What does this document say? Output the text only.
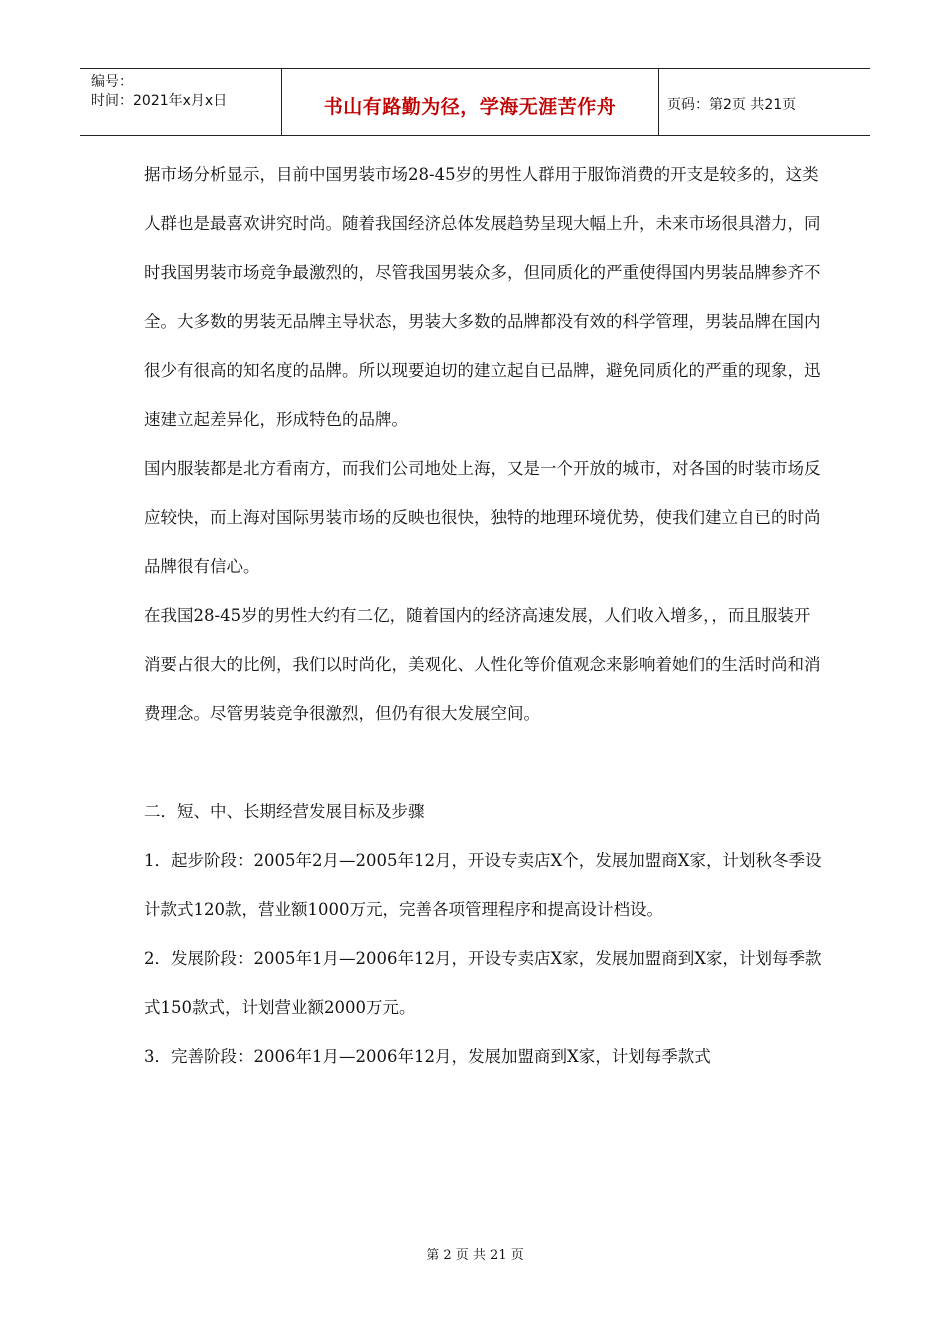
编号：
时间：2021年x月x日	书山有路勤为径，学海无涯苦作舟	页码：第2页 共21页

据市场分析显示，目前中国男装市场28-45岁的男性人群用于服饰消费的开支是较多的，这类人群也是最喜欢讲究时尚。随着我国经济总体发展趋势呈现大幅上升，未来市场很具潜力，同时我国男装市场竞争最激烈的，尽管我国男装众多，但同质化的严重使得国内男装品牌参齐不全。大多数的男装无品牌主导状态，男装大多数的品牌都没有效的科学管理，男装品牌在国内很少有很高的知名度的品牌。所以现要迫切的建立起自已品牌，避免同质化的严重的现象，迅速建立起差异化，形成特色的品牌。

国内服装都是北方看南方，而我们公司地处上海，又是一个开放的城市，对各国的时装市场反应较快，而上海对国际男装市场的反映也很快，独特的地理环境优势，使我们建立自已的时尚品牌很有信心。

在我国28-45岁的男性大约有二亿，随着国内的经济高速发展，人们收入增多，，而且服装开消要占很大的比例，我们以时尚化，美观化、人性化等价值观念来影响着她们的生活时尚和消费理念。尽管男装竞争很激烈，但仍有很大发展空间。

二．短、中、长期经营发展目标及步骤

1．起步阶段：2005年2月—2005年12月，开设专卖店X个，发展加盟商X家，计划秋冬季设计款式120款，营业额1000万元，完善各项管理程序和提高设计档设。

2．发展阶段：2005年1月—2006年12月，开设专卖店X家，发展加盟商到X家，计划每季款式150款式，计划营业额2000万元。

3．完善阶段：2006年1月—2006年12月，发展加盟商到X家，计划每季款式

第 2 页 共 21 页
